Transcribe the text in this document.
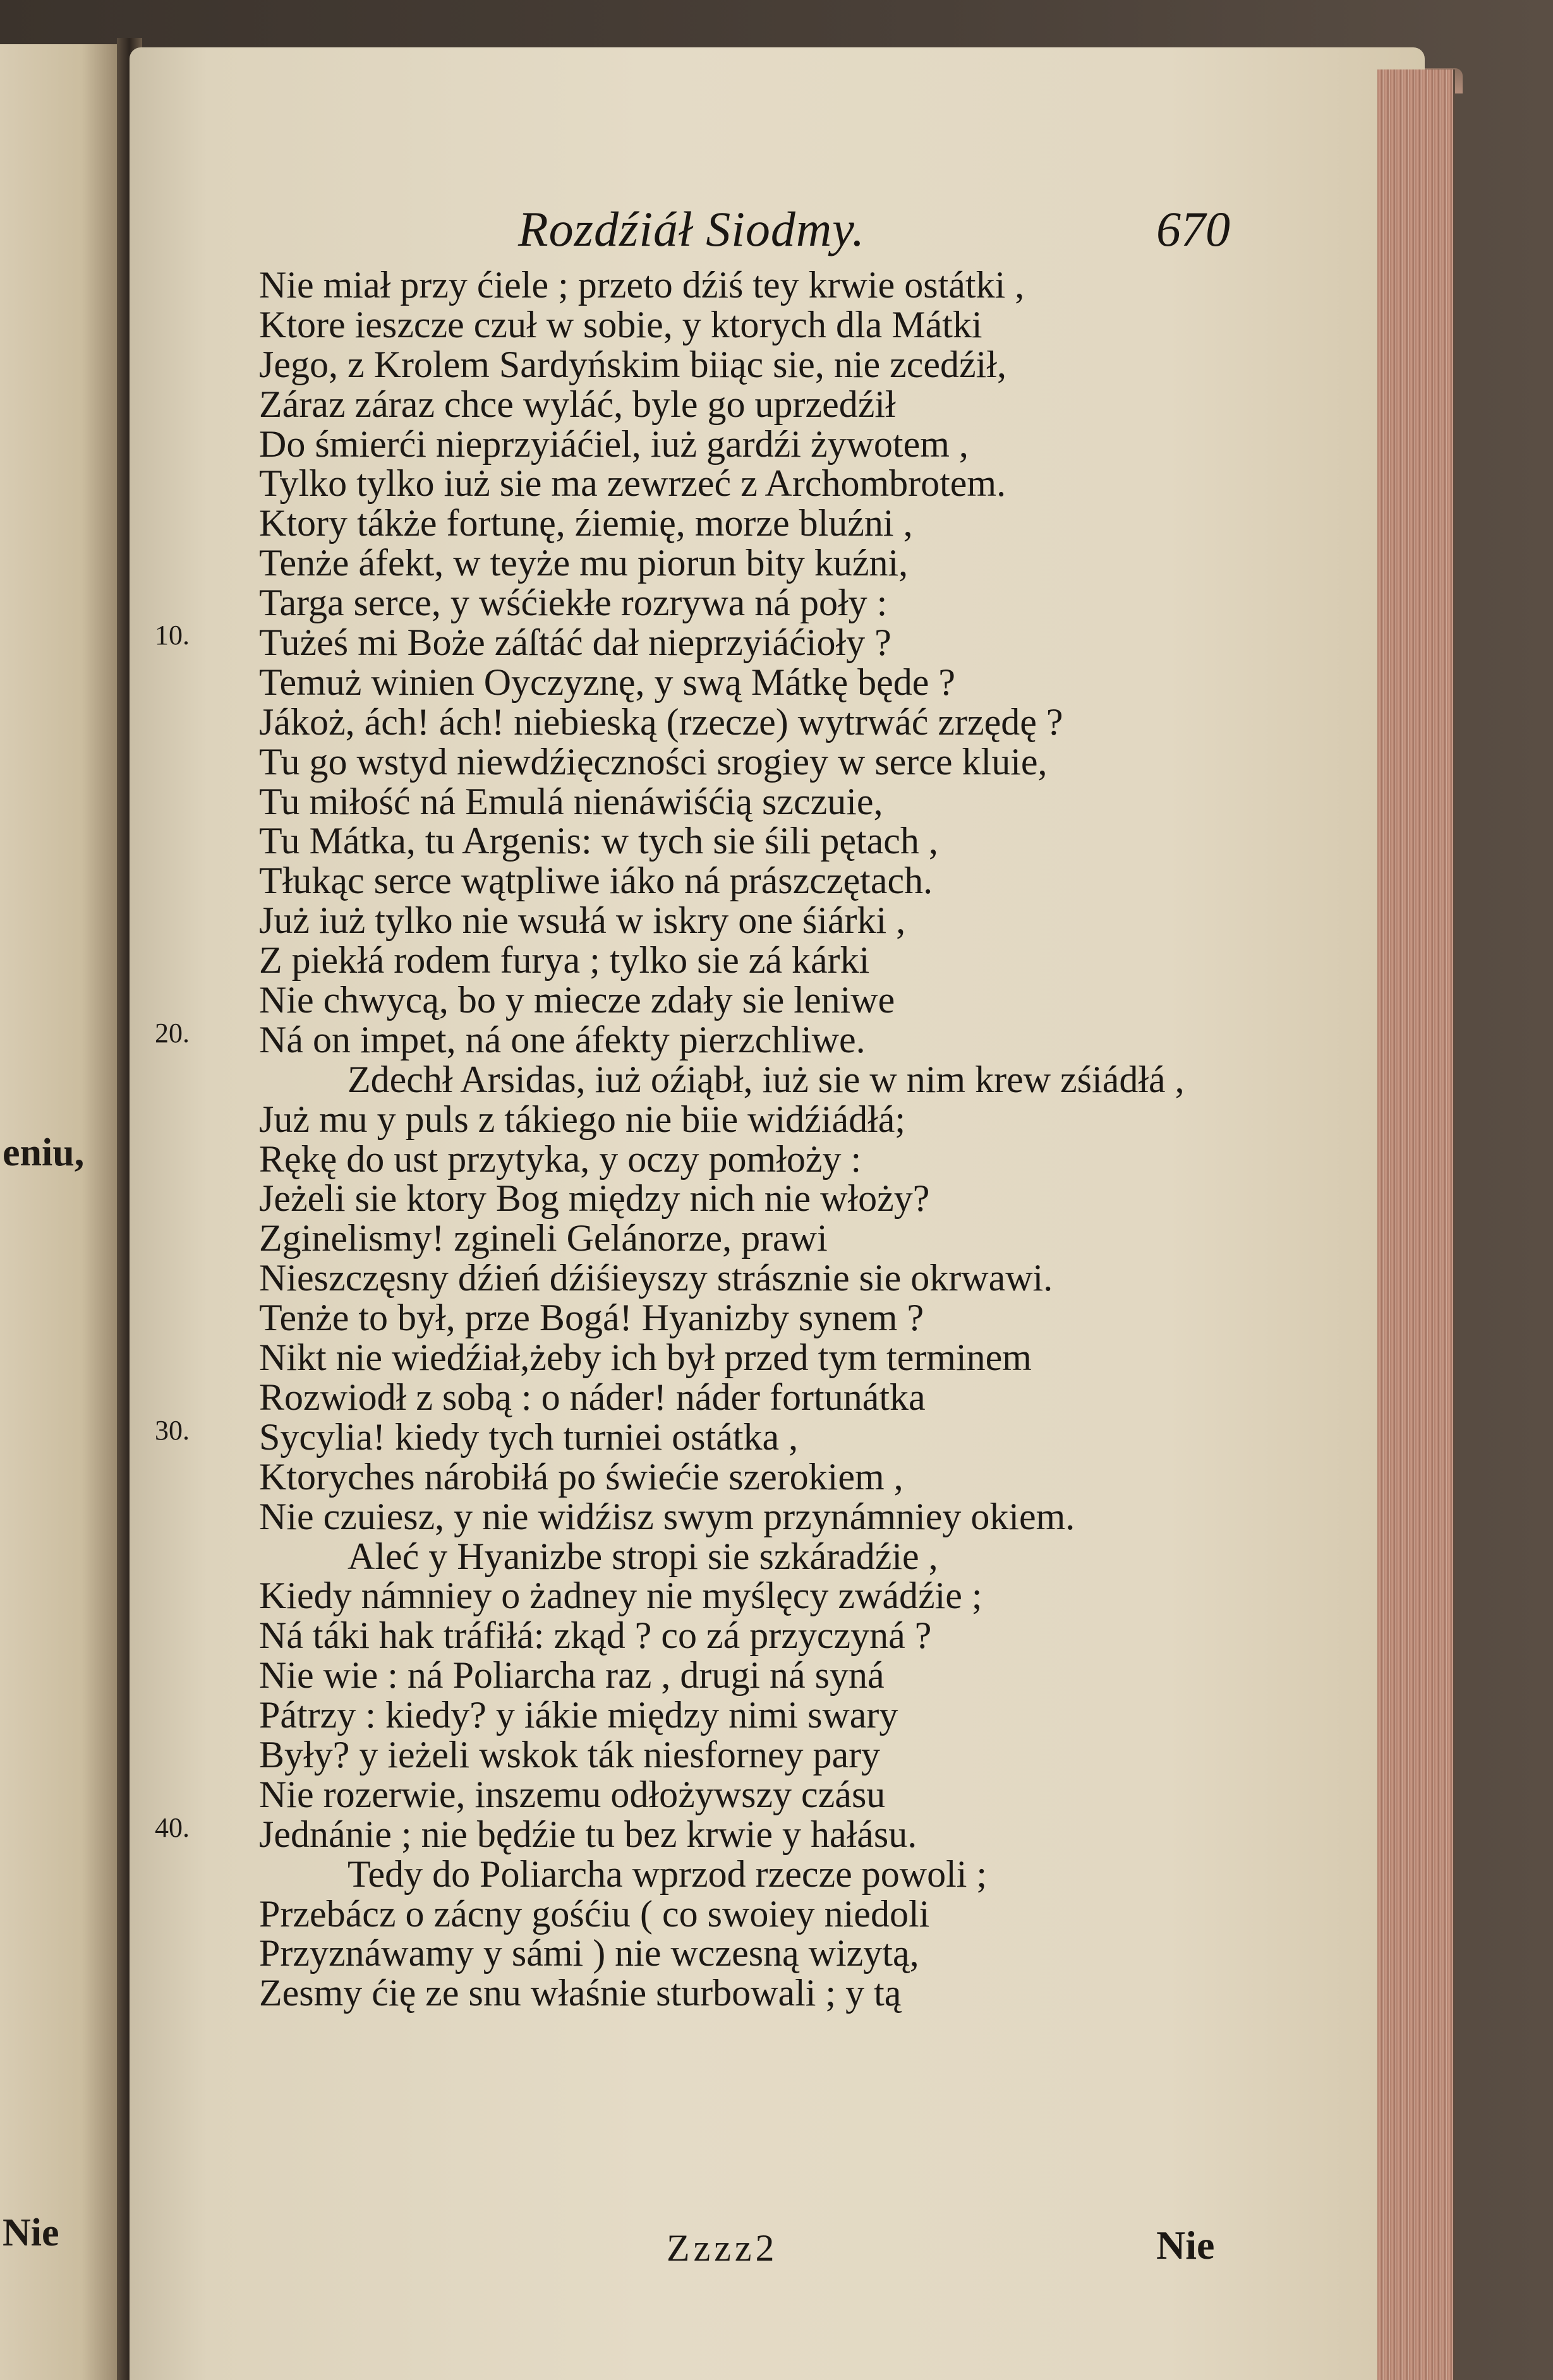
eniu,
Nie
Rozdźiáł Siodmy.	670
10.
20.
30.
40.
Nie miał przy ćiele ; przeto dźiś tey krwie ostátki ,
Ktore ieszcze czuł w sobie, y ktorych dla Mátki
Jego, z Krolem Sardyńskim biiąc sie, nie zcedźił,
Záraz záraz chce wyláć, byle go uprzedźił
Do śmierći nieprzyiáćiel, iuż gardźi żywotem ,
Tylko tylko iuż sie ma zewrzeć z Archombrotem.
Ktory tákże fortunę, źiemię, morze bluźni ,
Tenże áfekt, w teyże mu piorun bity kuźni,
Targa serce, y wśćiekłe rozrywa ná poły :
Tużeś mi Boże záſtáć dał nieprzyiáćioły ?
Temuż winien Oyczyznę, y swą Mátkę będe ?
Jákoż, ách! ách! niebieską (rzecze) wytrwáć zrzędę ?
Tu go wstyd niewdźięczności srogiey w serce kluie,
Tu miłość ná Emulá nienáwiśćią szczuie,
Tu Mátka, tu Argenis: w tych sie śili pętach ,
Tłukąc serce wątpliwe iáko ná prászczętach.
Już iuż tylko nie wsułá w iskry one śiárki ,
Z piekłá rodem furya ; tylko sie zá kárki
Nie chwycą, bo y miecze zdały sie leniwe
Ná on impet, ná one áfekty pierzchliwe.
Zdechł Arsidas, iuż oźiąbł, iuż sie w nim krew zśiádłá ,
Już mu y puls z tákiego nie biie widźiádłá;
Rękę do ust przytyka, y oczy pomłoży :
Jeżeli sie ktory Bog między nich nie włoży?
Zginelismy! zgineli Gelánorze, prawi
Nieszczęsny dźień dźiśieyszy strásznie sie okrwawi.
Tenże to był, prze Bogá! Hyanizby synem ?
Nikt nie wiedźiał,żeby ich był przed tym terminem
Rozwiodł z sobą : o náder! náder fortunátka
Sycylia! kiedy tych turniei ostátka ,
Ktoryches nárobiłá po świećie szerokiem ,
Nie czuiesz, y nie widźisz swym przynámniey okiem.
Aleć y Hyanizbe stropi sie szkáradźie ,
Kiedy námniey o żadney nie myślęcy zwádźie ;
Ná táki hak tráfiłá: zkąd ? co zá przyczyná ?
Nie wie : ná Poliarcha raz , drugi ná syná
Pátrzy : kiedy? y iákie między nimi swary
Były? y ieżeli wskok ták niesforney pary
Nie rozerwie, inszemu odłożywszy czásu
Jednánie ; nie będźie tu bez krwie y hałásu.
Tedy do Poliarcha wprzod rzecze powoli ;
Przebácz o zácny gośćiu ( co swoiey niedoli
Przyznáwamy y sámi ) nie wczesną wizytą,
Zesmy ćię ze snu właśnie sturbowali ; y tą
Zzzz2	Nie
